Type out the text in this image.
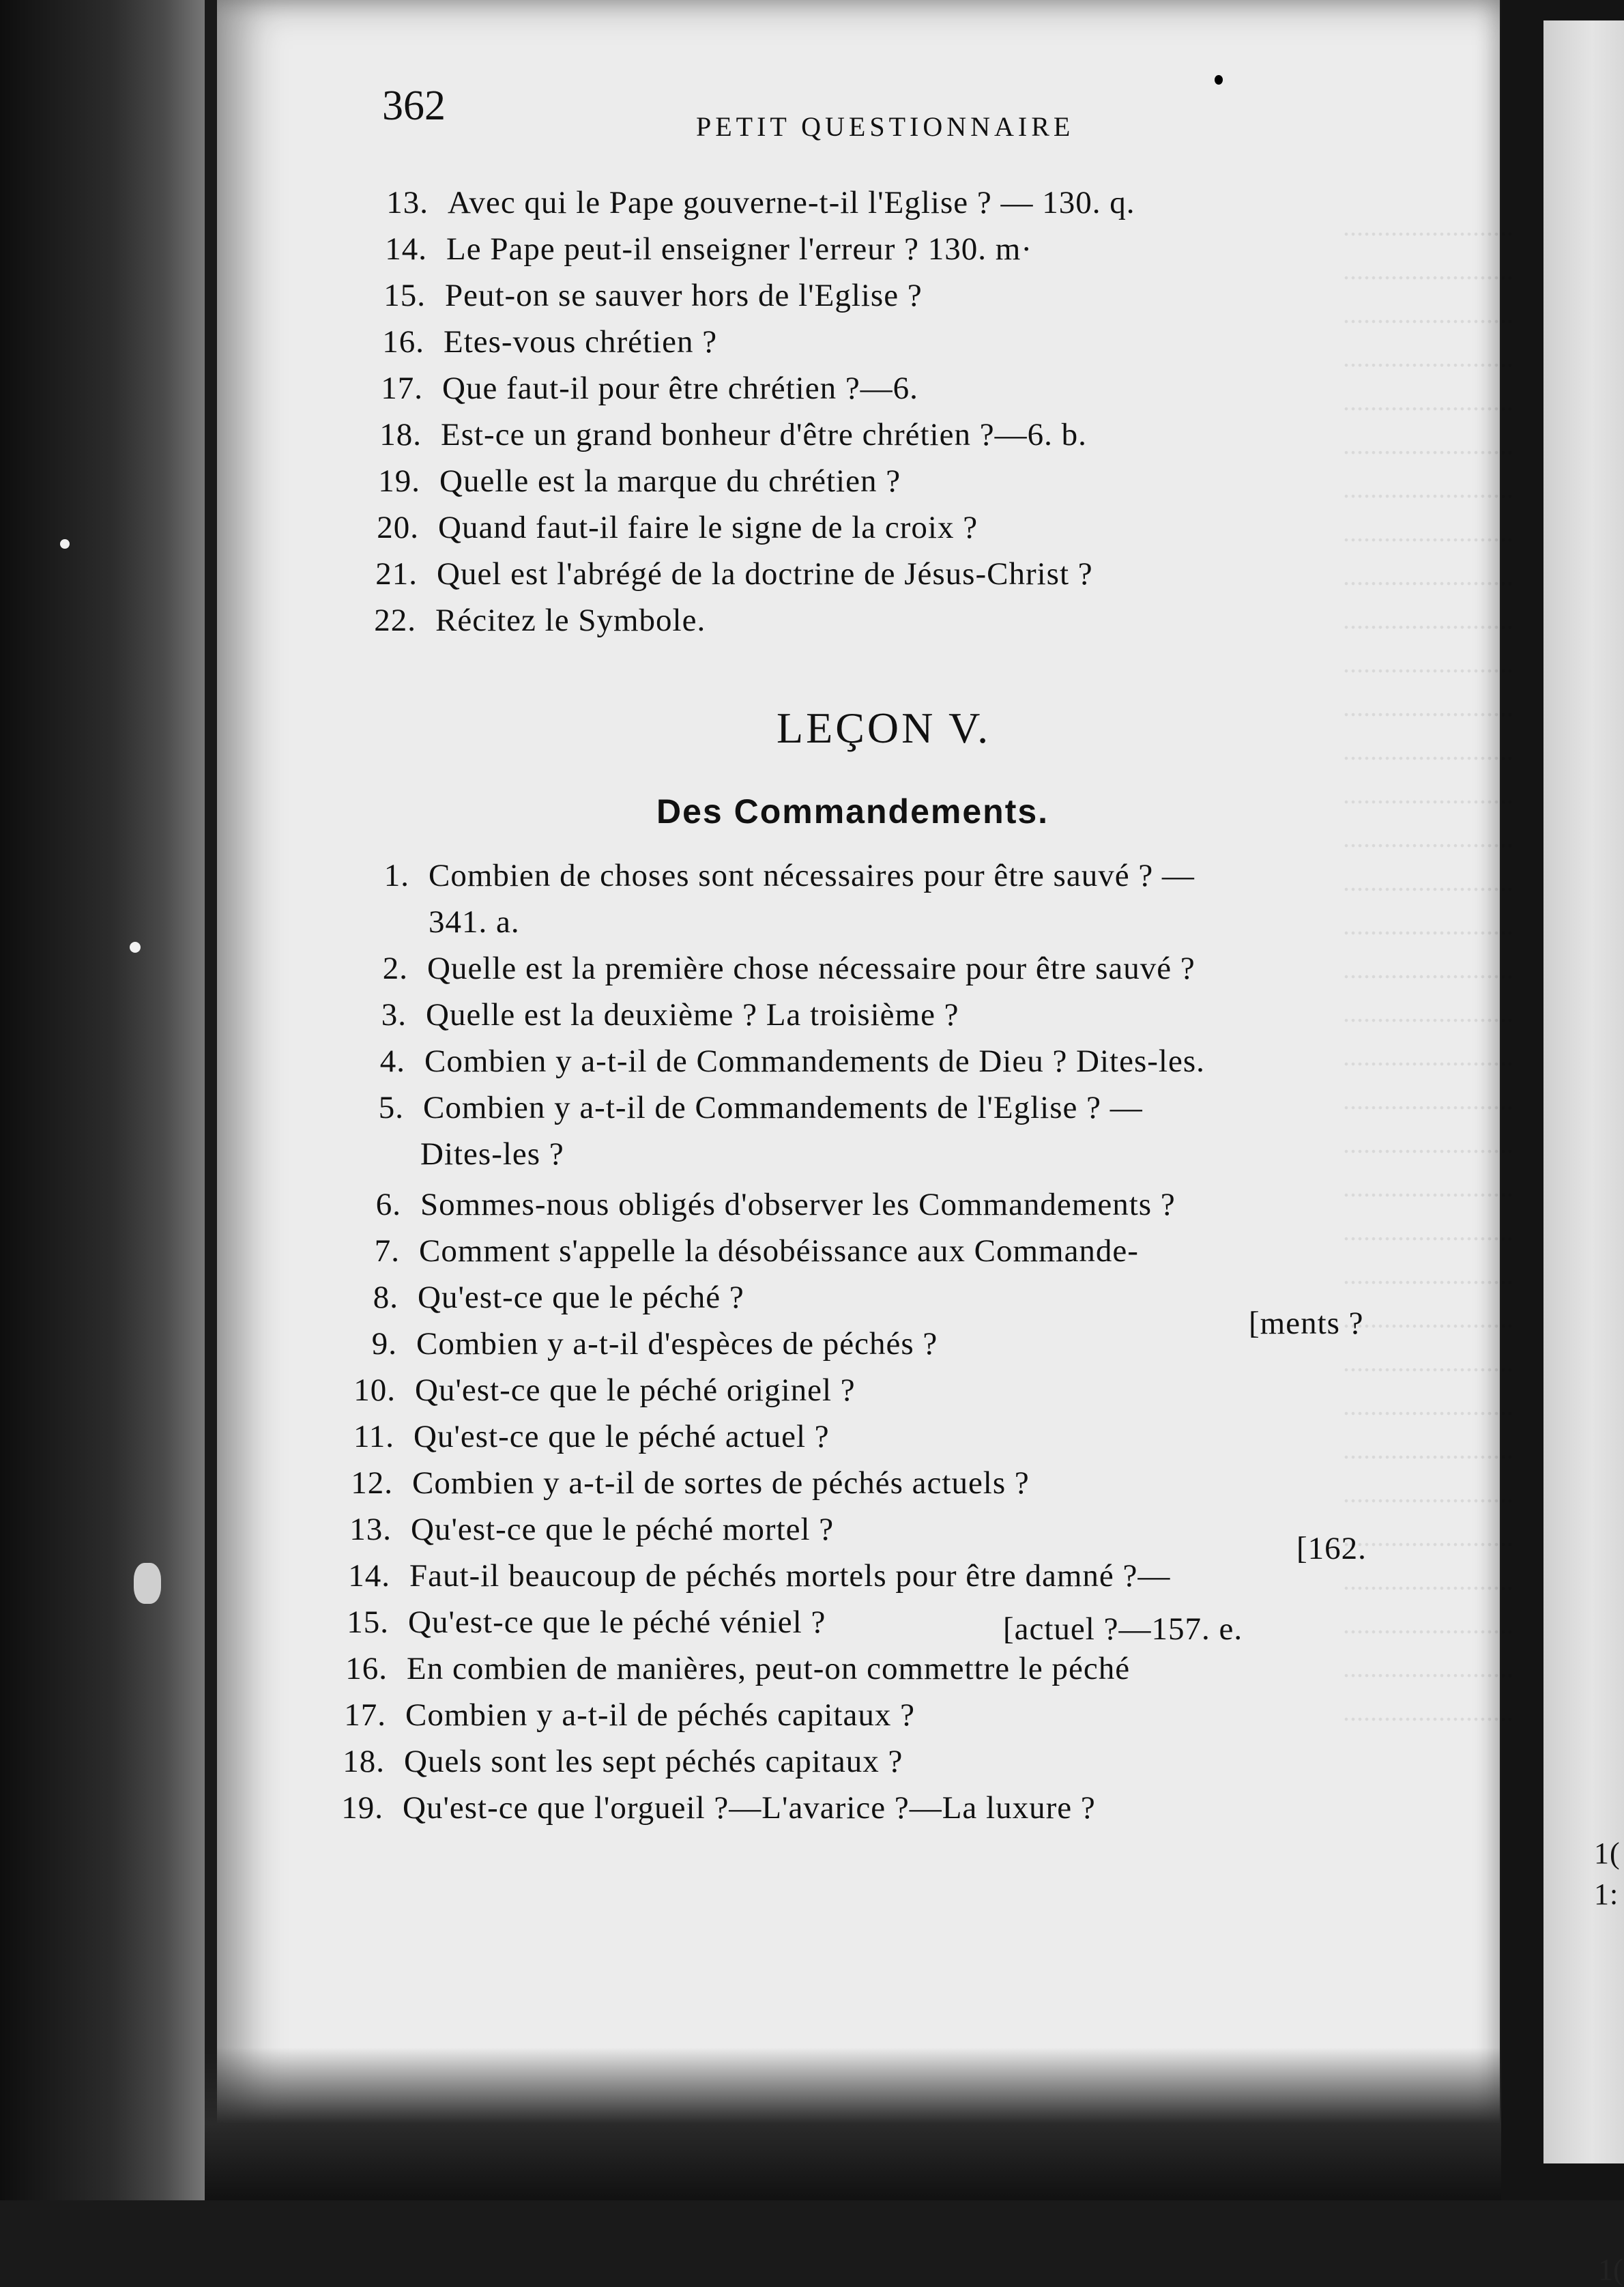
1(
.........................
.........................
.........................
.........................
.........................
.........................
.........................
.........................
.........................
.........................
.........................
.........................
.........................
.........................
.........................
.........................
.........................
.........................
.........................
.........................
.........................
.........................
.........................
.........................
.........................
.........................
.........................
.........................
.........................
.........................
.........................
.........................
.........................
.........................
.........................
362	PETIT QUESTIONNAIRE
13. Avec qui le Pape gouverne-t-il l'Eglise ? — 130. q.
14. Le Pape peut-il enseigner l'erreur ? 130. m·
15. Peut-on se sauver hors de l'Eglise ?
16. Etes-vous chrétien ?
17. Que faut-il pour être chrétien ?—6.
18. Est-ce un grand bonheur d'être chrétien ?—6. b.
19. Quelle est la marque du chrétien ?
20. Quand faut-il faire le signe de la croix ?
21. Quel est l'abrégé de la doctrine de Jésus-Christ ?
22. Récitez le Symbole.
LEÇON V.
Des Commandements.
1. Combien de choses sont nécessaires pour être sauvé ? —
341. a.
2. Quelle est la première chose nécessaire pour être sauvé ?
3. Quelle est la deuxième ? La troisième ?
4. Combien y a-t-il de Commandements de Dieu ? Dites-les.
5. Combien y a-t-il de Commandements de l'Eglise ? —
Dites-les ?
6. Sommes-nous obligés d'observer les Commandements ?
7. Comment s'appelle la désobéissance aux Commande-
8. Qu'est-ce que le péché ?
[ments ?
9. Combien y a-t-il d'espèces de péchés ?
10. Qu'est-ce que le péché originel ?
11. Qu'est-ce que le péché actuel ?
12. Combien y a-t-il de sortes de péchés actuels ?
13. Qu'est-ce que le péché mortel ?
[162.
14. Faut-il beaucoup de péchés mortels pour être damné ?—
15. Qu'est-ce que le péché véniel ?	[actuel ?—157. e.
16. En combien de manières, peut-on commettre le péché
17. Combien y a-t-il de péchés capitaux ?
18. Quels sont les sept péchés capitaux ?
19. Qu'est-ce que l'orgueil ?—L'avarice ?—La luxure ?
1(
1:
